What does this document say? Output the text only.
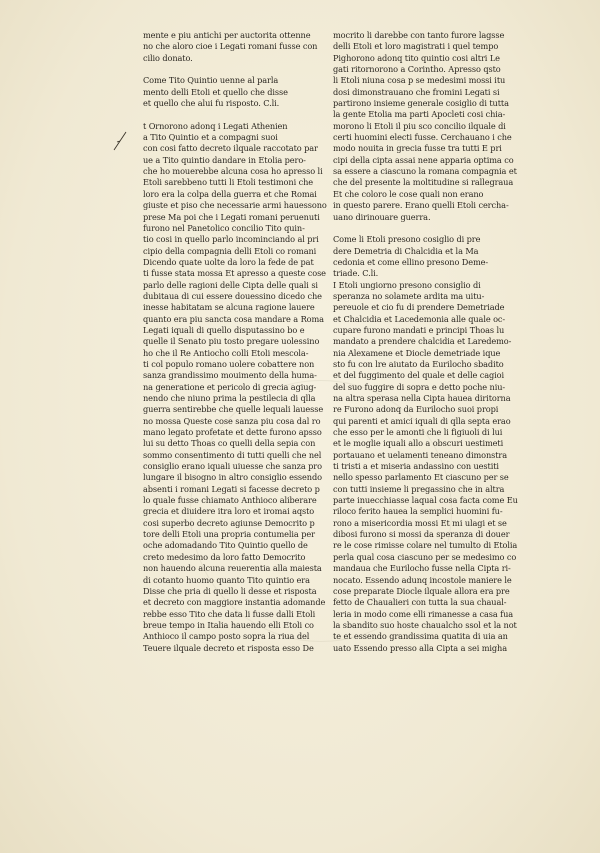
mente e piu antichi per auctorita ottenne
no che aloro cioe i Legati romani fusse con
cilio donato.
Come Tito Quintio uenne al parla
mento delli Etoli et quello che disse
et quello che alui fu risposto. C.li.
t Ornorono adonq i Legati Athenien
a Tito Quintio et a compagni suoi
con cosi fatto decreto ilquale raccotato par
ue a Tito quintio dandare in Etolia pero-
che ho mouerebbe alcuna cosa ho apresso li
Etoli sarebbeno tutti li Etoli testimoni che
loro era la colpa della guerra et che Romai
giuste et piso che necessarie armi hauessono
prese Ma poi che i Legati romani peruenuti
furono nel Panetolico concilio Tito quin-
tio cosi in quello parlo incominciando al pri
cipio della compagnia delli Etoli co romani
Dicendo quate uolte da loro la fede de pat
ti fusse stata mossa Et apresso a queste cose
parlo delle ragioni delle Cipta delle quali si
dubitaua di cui essere douessino dicedo che
inesse habitatam se alcuna ragione lauere
quanto era piu sancta cosa mandare a Roma
Legati iquali di quello disputassino bo e
quelle il Senato piu tosto pregare uolessino
ho che il Re Antiocho colli Etoli mescola-
ti col populo romano uolere cobattere non
sanza grandissimo mouimento della huma-
na generatione et pericolo di grecia agiug-
nendo che niuno prima la pestilecia di qlla
guerra sentirebbe che quelle lequali lauesse
no mossa Queste cose sanza piu cosa dal ro
mano legato profetate et dette furono apsso
lui su detto Thoas co quelli della sepia con
sommo consentimento di tutti quelli che nel
consiglio erano iquali uiuesse che sanza pro
lungare il bisogno in altro consiglio essendo
absenti i romani Legati si facesse decreto p
lo quale fusse chiamato Anthioco aliberare
grecia et diuidere itra loro et iromai aqsto
cosi superbo decreto agiunse Democrito p
tore delli Etoli una propria contumelia per
oche adomadando Tito Quintio quello de
creto medesimo da loro fatto Democrito
non hauendo alcuna reuerentia alla maiesta
di cotanto huomo quanto Tito quintio era
Disse che pria di quello li desse et risposta
et decreto con maggiore instantia adomande
rebbe esso Tito che data li fusse dalli Etoli
breue tempo in Italia hauendo elli Etoli co
Anthioco il campo posto sopra la riua del
Teuere ilquale decreto et risposta esso De
mocrito li darebbe con tanto furore lagsse
delli Etoli et loro magistrati i quel tempo
Pighorono adonq tito quintio cosi altri Le
gati ritornorono a Corintho. Apresso qsto
li Etoli niuna cosa p se medesimi mossi itu
dosi dimonstrauano che fromini Legati si
partirono insieme generale cosiglio di tutta
la gente Etolia ma parti Apocleti cosi chia-
morono li Etoli il piu sco concilio ilquale di
certi huomini electi fusse. Cerchauano i che
modo nouita in grecia fusse tra tutti E pri
cipi della cipta assai nene apparia optima co
sa essere a ciascuno la romana compagnia et
che del presente la moltitudine si rallegraua
Et che coloro le cose quali non erano
in questo parere. Erano quelli Etoli cercha-
uano dirinouare guerra.
Come li Etoli presono cosiglio di pre
dere Demetria di Chalcidia et la Ma
cedonia et come ellino presono Deme-
triade. C.li.
I Etoli ungiorno presono consiglio di
speranza no solamete ardita ma uitu-
pereuole et cio fu di prendere Demetriade
et Chalcidia et Lacedemonia alle quale oc-
cupare furono mandati e principi Thoas lu
mandato a prendere chalcidia et Laredemo-
nia Alexamene et Diocle demetriade ique
sto fu con lre aiutato da Eurilocho sbadito
et del fuggimento del quale et delle cagioi
del suo fuggire di sopra e detto poche niu-
na altra sperasa nella Cipta hauea diritorna
re Furono adonq da Eurilocho suoi propi
qui parenti et amici iquali di qlla septa erao
che esso per le amonti che li figiuoli di lui
et le moglie iquali allo a obscuri uestimeti
portauano et uelamenti teneano dimonstra
ti tristi a et miseria andassino con uestiti
nello spesso parlamento Et ciascuno per se
con tutti insieme li pregassino che in altra
parte inuecchiasse laqual cosa facta come Eu
riloco ferito hauea la semplici huomini fu-
rono a misericordia mossi Et mi ulagi et se
dibosi furono si mossi da speranza di douer
re le cose rimisse colare nel tumulto di Etolia
perla qual cosa ciascuno per se medesimo co
mandaua che Eurilocho fusse nella Cipta ri-
nocato. Essendo adunq incostole maniere le
cose preparate Diocle ilquale allora era pre
fetto de Chaualieri con tutta la sua chaual-
leria in modo come elli rimanesse a casa fua
la sbandito suo hoste chaualcho ssol et la not
te et essendo grandissima quatita di uia an
uato Essendo presso alla Cipta a sei migha
